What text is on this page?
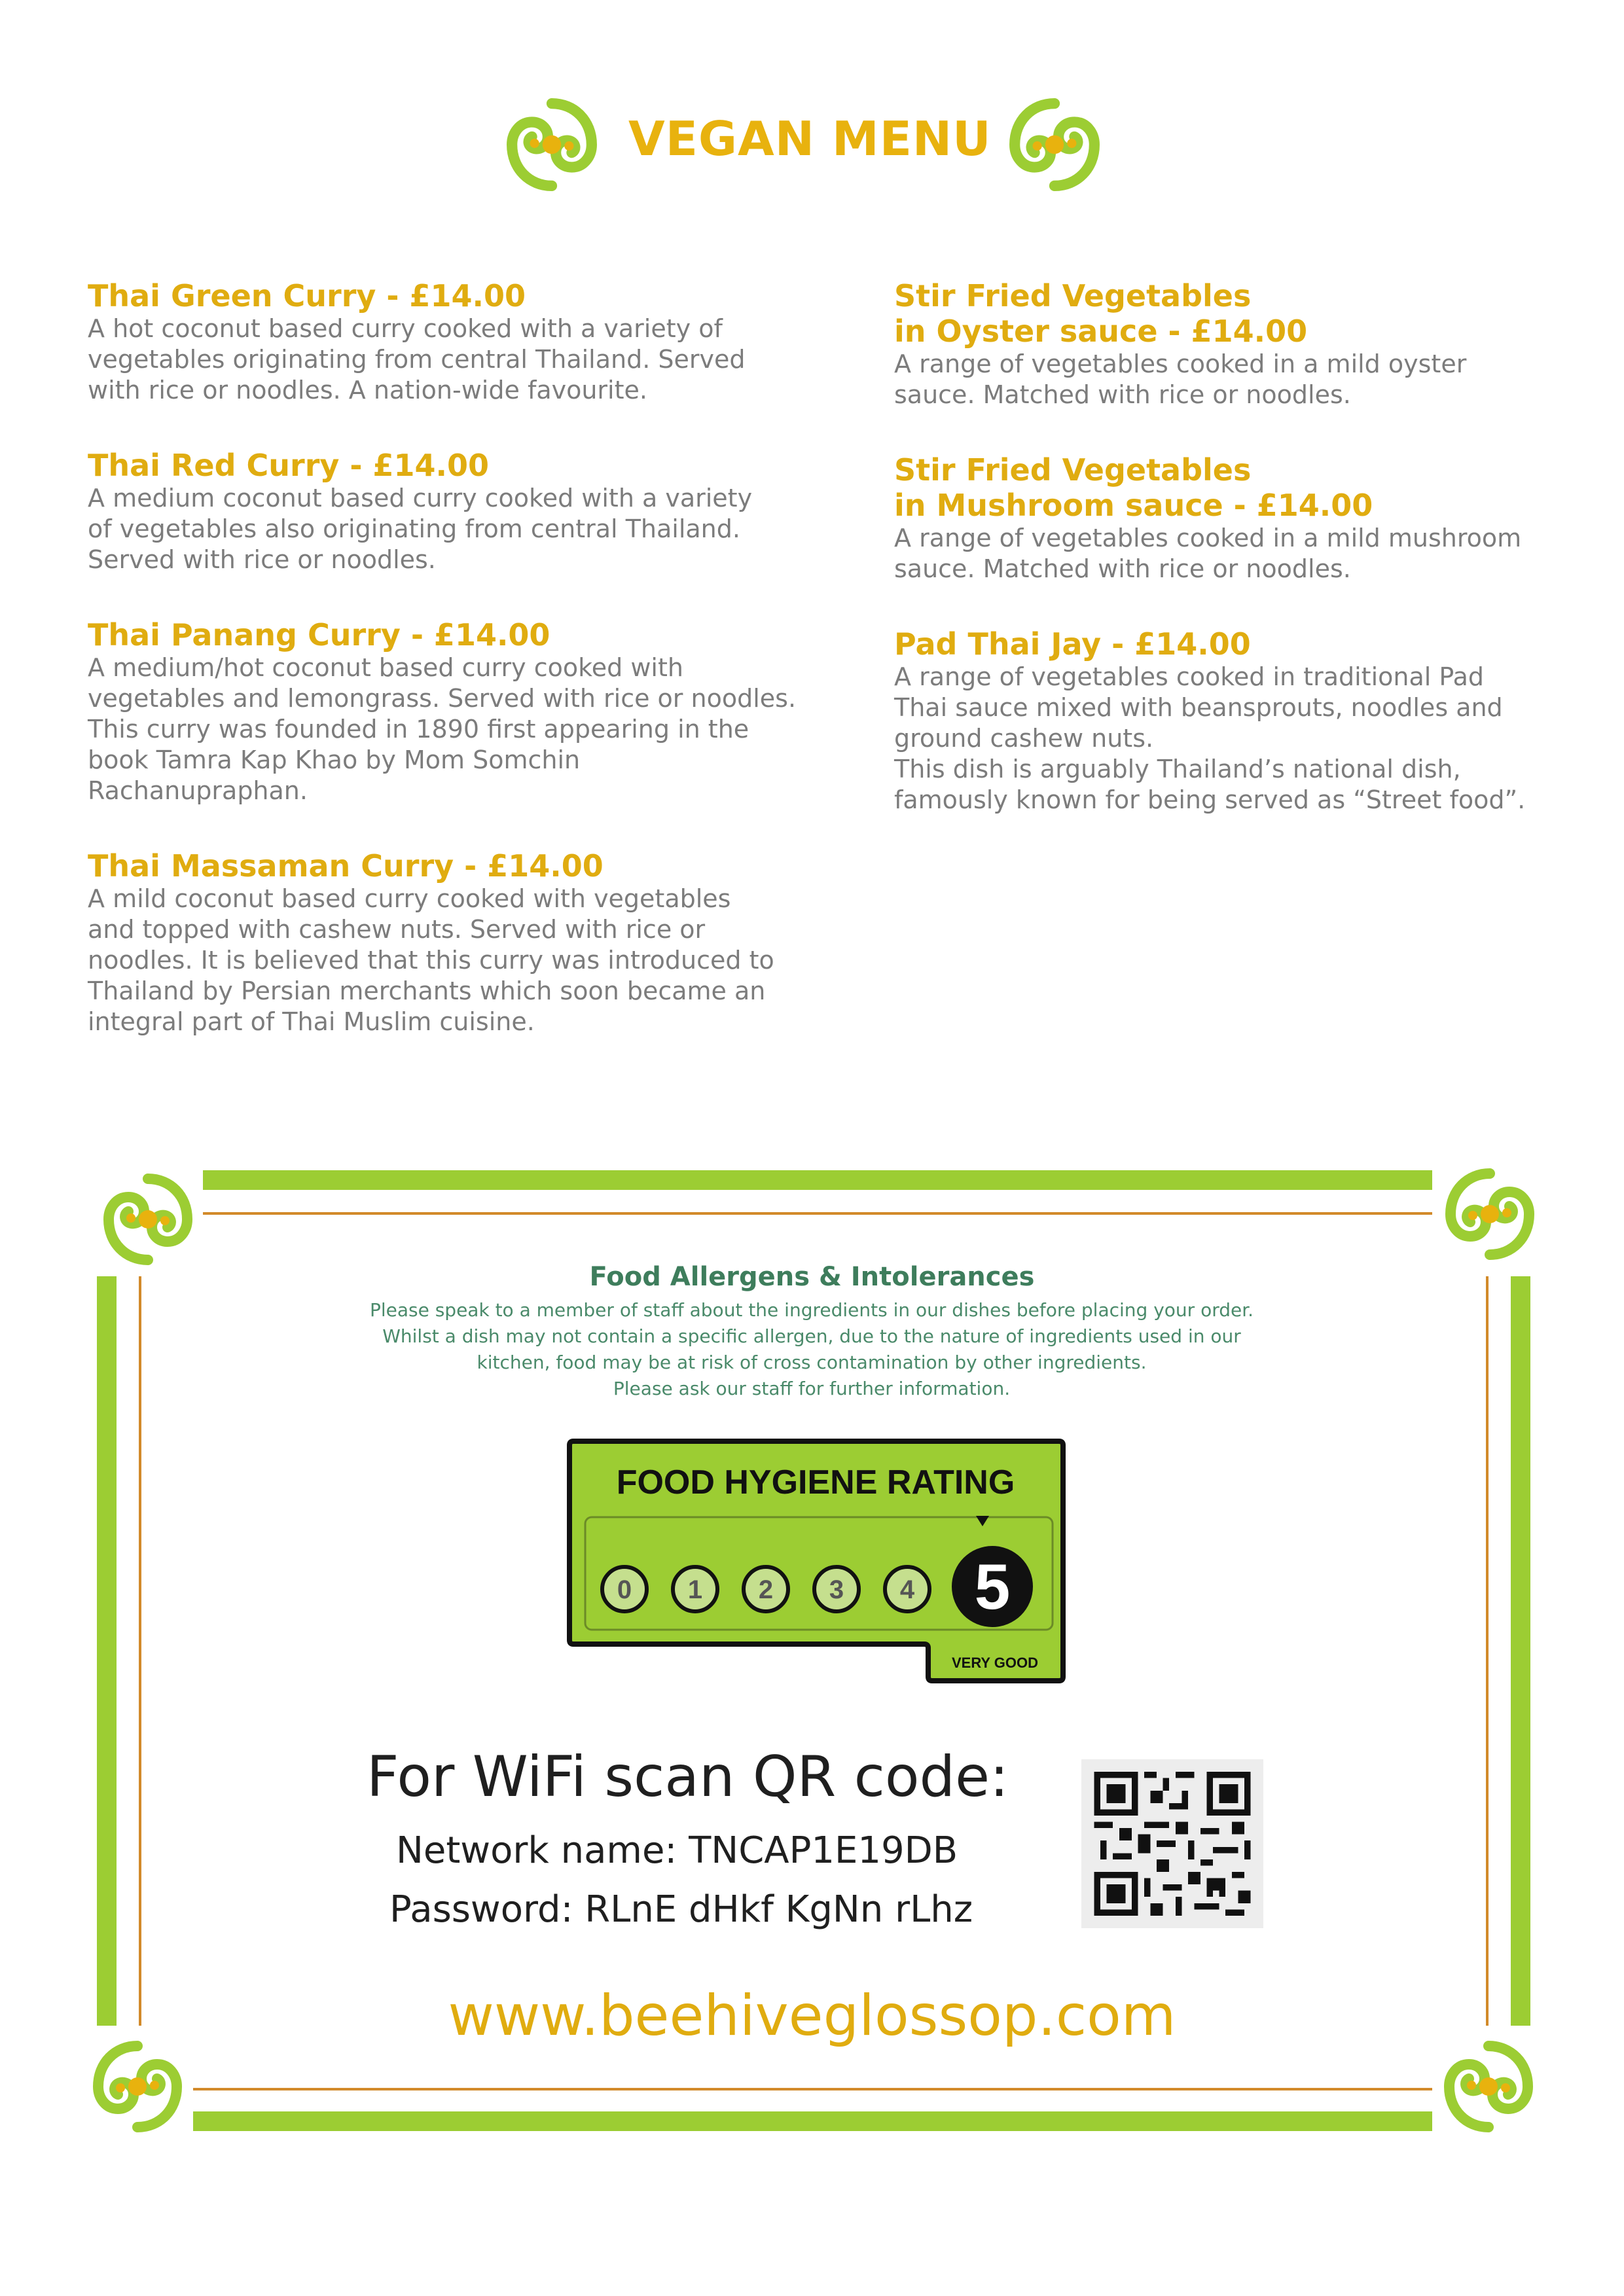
VEGAN MENU
Thai Green Curry - £14.00
A hot coconut based curry cooked with a variety of
vegetables originating from central Thailand. Served
with rice or noodles. A nation-wide favourite.
Thai Red Curry - £14.00
A medium coconut based curry cooked with a variety
of vegetables also originating from central Thailand.
Served with rice or noodles.
Thai Panang Curry - £14.00
A medium/hot coconut based curry cooked with
vegetables and lemongrass. Served with rice or noodles.
This curry was founded in 1890 first appearing in the
book Tamra Kap Khao by Mom Somchin
Rachanupraphan.
Thai Massaman Curry - £14.00
A mild coconut based curry cooked with vegetables
and topped with cashew nuts. Served with rice or
noodles. It is believed that this curry was introduced to
Thailand by Persian merchants which soon became an
integral part of Thai Muslim cuisine.
Stir Fried Vegetables
in Oyster sauce - £14.00
A range of vegetables cooked in a mild oyster
sauce. Matched with rice or noodles.
Stir Fried Vegetables
in Mushroom sauce - £14.00
A range of vegetables cooked in a mild mushroom
sauce. Matched with rice or noodles.
Pad Thai Jay - £14.00
A range of vegetables cooked in traditional Pad
Thai sauce mixed with beansprouts, noodles and
ground cashew nuts.
This dish is arguably Thailand’s national dish,
famously known for being served as “Street food”.
Food Allergens & Intolerances
Please speak to a member of staff about the ingredients in our dishes before placing your order.
Whilst a dish may not contain a specific allergen, due to the nature of ingredients used in our
kitchen, food may be at risk of cross contamination by other ingredients.
Please ask our staff for further information.
FOOD HYGIENE RATING
0 1 2 3 4 5
VERY GOOD
For WiFi scan QR code:
Network name: TNCAP1E19DB
Password: RLnE dHkf KgNn rLhz
www.beehiveglossop.com
